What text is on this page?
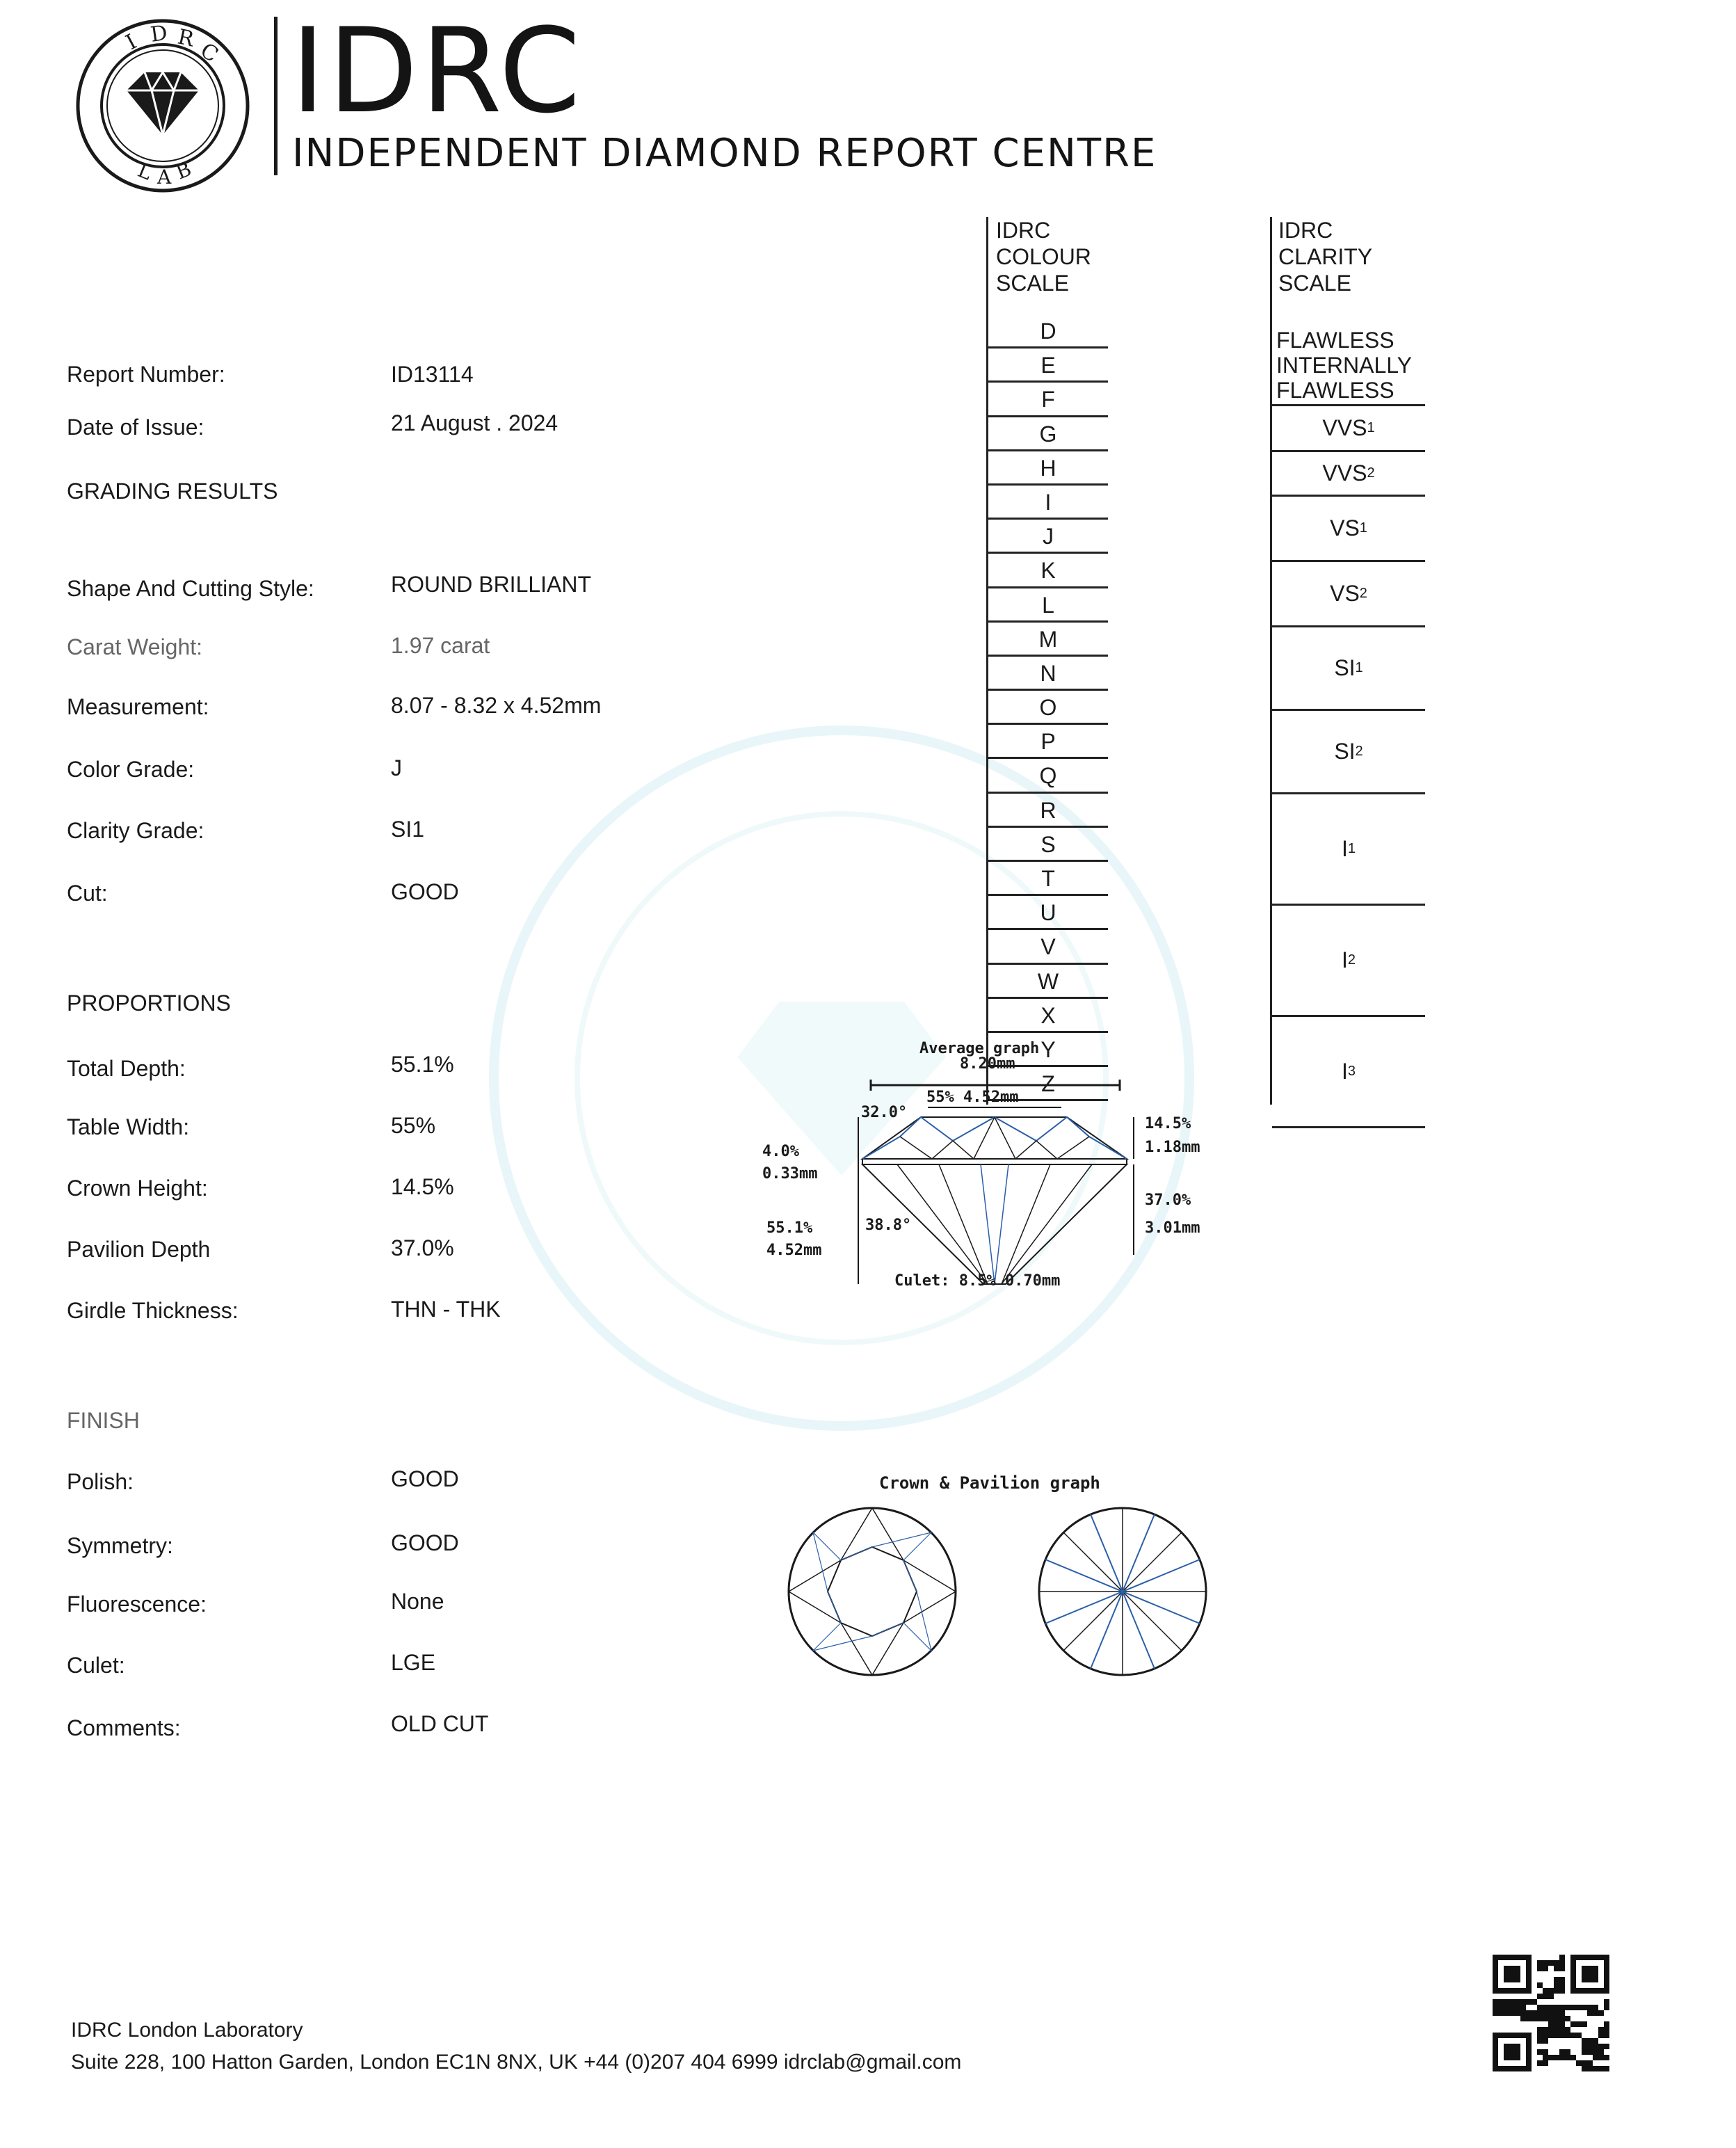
I D R
C
L A B
IDRC
INDEPENDENT DIAMOND REPORT CENTRE
Report Number:	ID13114
Date of Issue:	21 August . 2024
GRADING RESULTS
Shape And Cutting Style:	ROUND BRILLIANT
Carat Weight:	1.97 carat
Measurement:	8.07 - 8.32 x 4.52mm
Color Grade:	J
Clarity Grade:	SI1
Cut:	GOOD
PROPORTIONS
Total Depth:	55.1%
Table Width:	55%
Crown Height:	14.5%
Pavilion Depth	37.0%
Girdle Thickness:	THN - THK
FINISH
Polish:	GOOD
Symmetry:	GOOD
Fluorescence:	None
Culet:	LGE
Comments:	OLD CUT
IDRC
COLOUR
SCALE
D
E
F
G
H
I
J
K
L
M
N
O
P
Q
R
S
T
U
V
W
X
Y
Z
IDRC
CLARITY
SCALE
FLAWLESS
INTERNALLY
FLAWLESS
VVS 1
VVS 2
VS 1
VS 2
SI 1
SI 2
I 1
I 2
I 3
Average graph
8.20mm
55% 4.52mm
32.0°
4.0%
0.33mm
55.1%
4.52mm
38.8°
14.5%
1.18mm
37.0%
3.01mm
Culet: 8.5% 0.70mm
Crown & Pavilion graph
IDRC London Laboratory
Suite 228, 100 Hatton Garden, London EC1N 8NX, UK +44 (0)207 404 6999 idrclab@gmail.com
